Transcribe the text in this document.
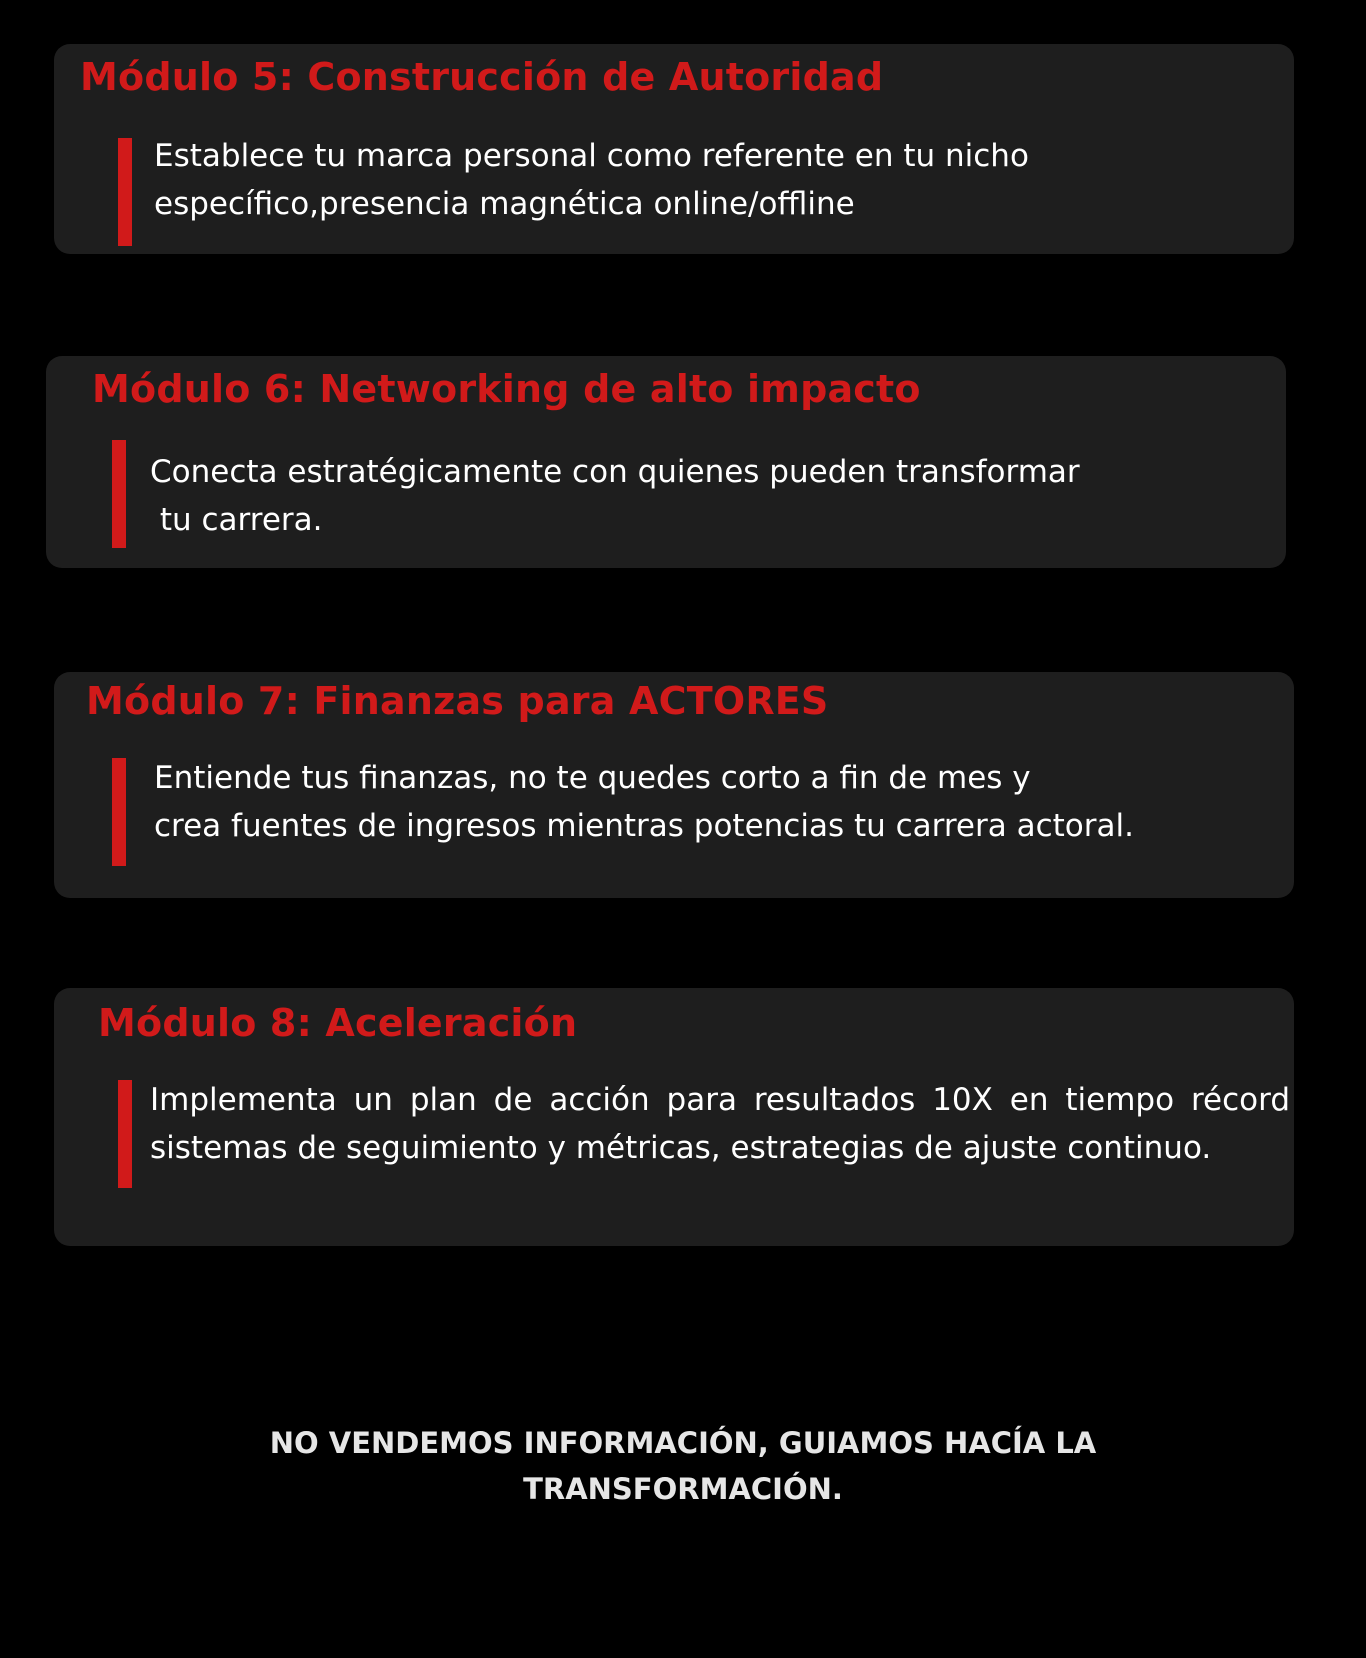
Módulo 5: Construcción de Autoridad

Establece tu marca personal como referente en tu nicho
específico,presencia magnética online/offline

Módulo 6: Networking de alto impacto

Conecta estratégicamente con quienes pueden transformar
tu carrera.

Módulo 7: Finanzas para ACTORES

Entiende tus finanzas, no te quedes corto a fin de mes y
crea fuentes de ingresos mientras potencias tu carrera actoral.

Módulo 8: Aceleración

Implementa un plan de acción para resultados 10X en tiempo récord sistemas de seguimiento y métricas, estrategias de ajuste continuo.

NO VENDEMOS INFORMACIÓN, GUIAMOS HACÍA LA
TRANSFORMACIÓN.
